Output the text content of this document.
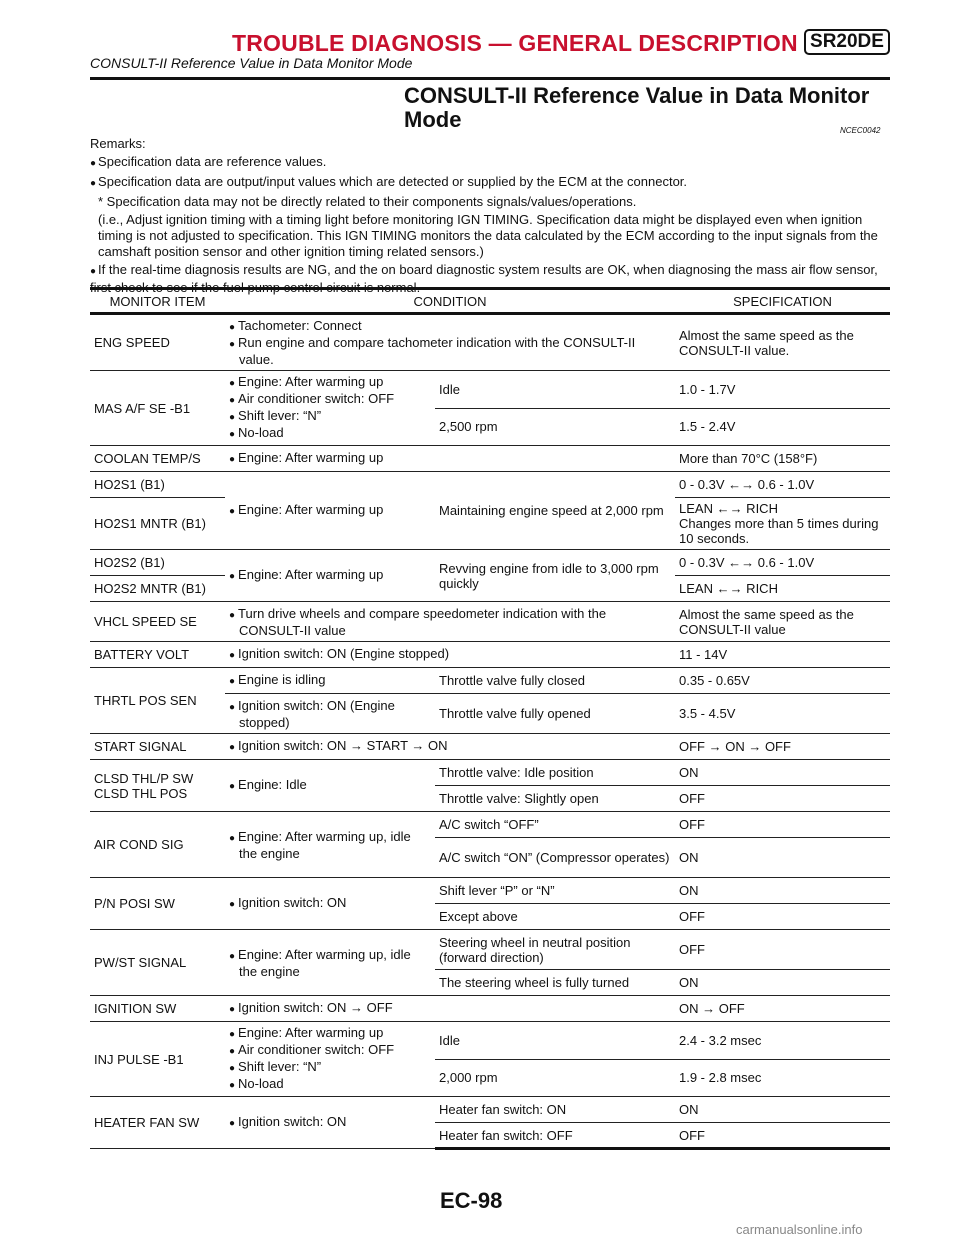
TROUBLE DIAGNOSIS — GENERAL DESCRIPTION SR20DE
CONSULT-II Reference Value in Data Monitor Mode
CONSULT-II Reference Value in Data Monitor Mode	NCEC0042

Remarks:

● Specification data are reference values.

● Specification data are output/input values which are detected or supplied by the ECM at the connector.

* Specification data may not be directly related to their components signals/values/operations.

(i.e., Adjust ignition timing with a timing light before monitoring IGN TIMING. Specification data might be displayed even when ignition timing is not adjusted to specification. This IGN TIMING monitors the data calculated by the ECM according to the input signals from the camshaft position sensor and other ignition timing related sensors.)

● If the real-time diagnosis results are NG, and the on board diagnostic system results are OK, when diagnosing the mass air flow sensor, first check to see if the fuel pump control circuit is normal.

MONITOR ITEM	CONDITION		SPECIFICATION
ENG SPEED	● Tachometer: Connect
● Run engine and compare tachometer indication with the CONSULT-II value.		Almost the same speed as the CONSULT-II value.
MAS A/F SE -B1	● Engine: After warming up
● Air conditioner switch: OFF
● Shift lever: “N”
● No-load	Idle	1.0 - 1.7V
		2,500 rpm	1.5 - 2.4V
COOLAN TEMP/S	● Engine: After warming up		More than 70°C (158°F)
HO2S1 (B1)	● Engine: After warming up	Maintaining engine speed at 2,000 rpm	0 - 0.3V ←→ 0.6 - 1.0V
HO2S1 MNTR (B1)			LEAN ←→ RICH
Changes more than 5 times during 10 seconds.

HO2S2 (B1)	● Engine: After warming up	Revving engine from idle to 3,000 rpm quickly	0 - 0.3V ←→ 0.6 - 1.0V
HO2S2 MNTR (B1)			LEAN ←→ RICH
VHCL SPEED SE	● Turn drive wheels and compare speedometer indication with the CONSULT-II value		Almost the same speed as the CONSULT-II value
BATTERY VOLT	● Ignition switch: ON (Engine stopped)		11 - 14V
THRTL POS SEN	● Engine is idling	Throttle valve fully closed	0.35 - 0.65V

	● Ignition switch: ON (Engine stopped)	Throttle valve fully opened	3.5 - 4.5V
START SIGNAL	● Ignition switch: ON → START → ON		OFF → ON → OFF

CLSD THL/P SW
CLSD THL POS	● Engine: Idle	Throttle valve: Idle position	ON
		Throttle valve: Slightly open	OFF
AIR COND SIG	● Engine: After warming up, idle the engine	A/C switch “OFF”	OFF
		A/C switch “ON” (Compressor operates)	ON
P/N POSI SW	● Ignition switch: ON	Shift lever “P” or “N”	ON
		Except above	OFF
PW/ST SIGNAL	● Engine: After warming up, idle the engine	Steering wheel in neutral position (forward direction)	OFF
		The steering wheel is fully turned	ON
IGNITION SW	● Ignition switch: ON → OFF		ON → OFF
INJ PULSE -B1	● Engine: After warming up
● Air conditioner switch: OFF
● Shift lever: “N”
● No-load	Idle	2.4 - 3.2 msec
		2,000 rpm	1.9 - 2.8 msec
HEATER FAN SW	● Ignition switch: ON	Heater fan switch: ON	ON
		Heater fan switch: OFF	OFF
EC-98
carmanualsonline.info
